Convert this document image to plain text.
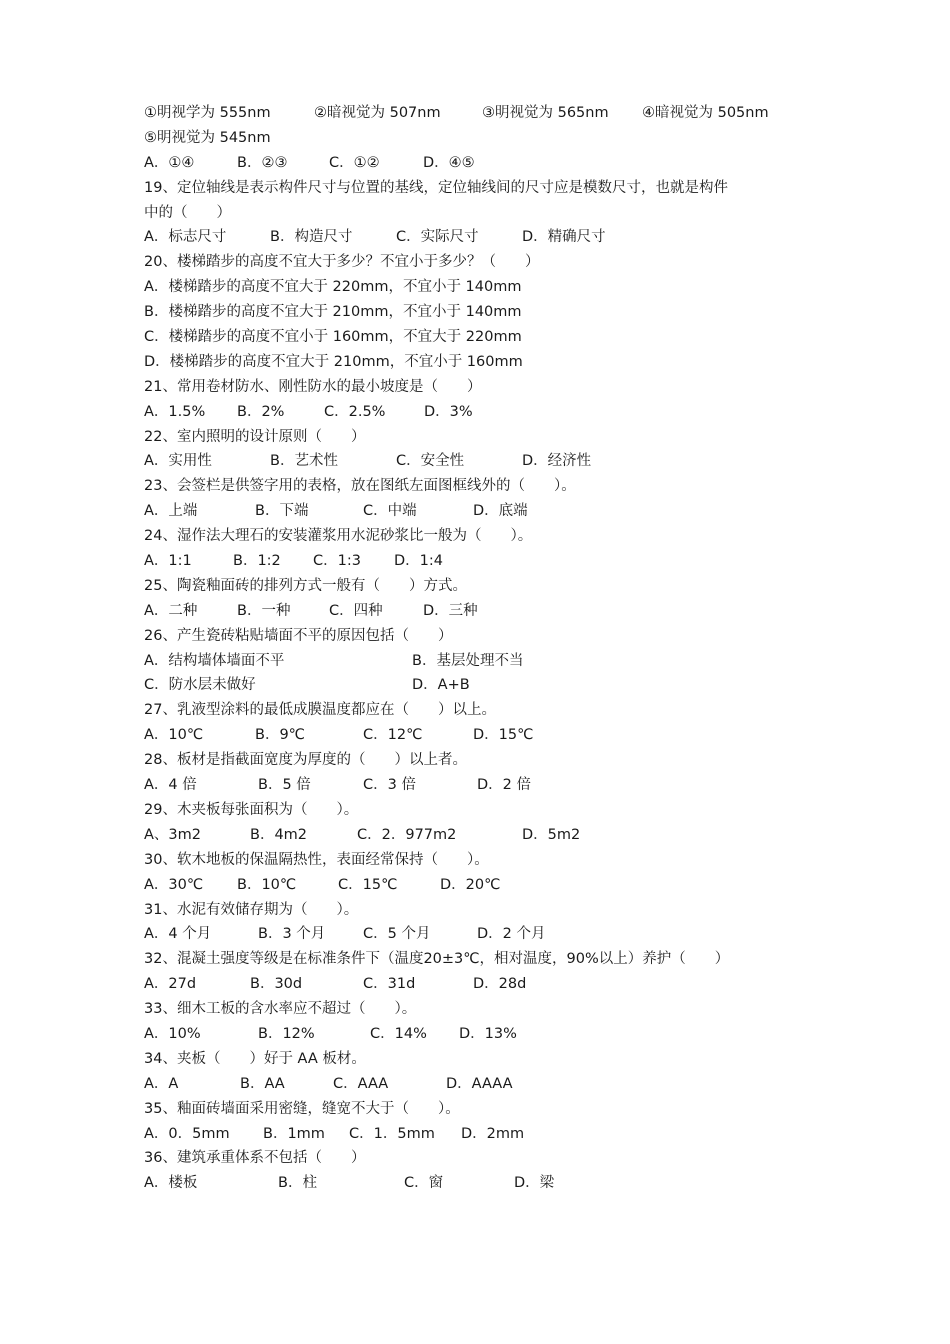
①明视学为 555nm	②暗视觉为 507nm	③明视觉为 565nm ④暗视觉为 505nm
⑤明视觉为 545nm
A．①④	B．②③	C．①②	D．④⑤
19、定位轴线是表示构件尺寸与位置的基线，定位轴线间的尺寸应是模数尺寸，也就是构件
中的（　　）
A．标志尺寸	B．构造尺寸	C．实际尺寸	D．精确尺寸
20、楼梯踏步的高度不宜大于多少？不宜小于多少？（　　）
A．楼梯踏步的高度不宜大于 220mm，不宜小于 140mm
B．楼梯踏步的高度不宜大于 210mm，不宜小于 140mm
C．楼梯踏步的高度不宜小于 160mm，不宜大于 220mm
D．楼梯踏步的高度不宜大于 210mm，不宜小于 160mm
21、常用卷材防水、刚性防水的最小坡度是（　　）
A．1.5% B．2%	C．2.5%	D．3%
22、室内照明的设计原则（　　）
A．实用性	B．艺术性	C．安全性	D．经济性
23、会签栏是供签字用的表格，放在图纸左面图框线外的（　　）。
A．上端	B．下端	C．中端	D．底端
24、湿作法大理石的安装灌浆用水泥砂浆比一般为（　　）。
A．1:1	B．1:2 C．1:3 D．1:4
25、陶瓷釉面砖的排列方式一般有（　　）方式。
A．二种	B．一种	C．四种	D．三种
26、产生瓷砖粘贴墙面不平的原因包括（　　）
A．结构墙体墙面不平	B．基层处理不当
C．防水层未做好	D．A+B
27、乳液型涂料的最低成膜温度都应在（　　）以上。
A．10℃	B．9℃	C．12℃	D．15℃
28、板材是指截面宽度为厚度的（　　）以上者。
A．4 倍	B．5 倍	C．3 倍	D．2 倍
29、木夹板每张面积为（　　）。
A、3m2	B．4m2	C．2．977m2	D．5m2
30、软木地板的保温隔热性，表面经常保持（　　）。
A．30℃ B．10℃	C．15℃	D．20℃
31、水泥有效储存期为（　　）。
A．4 个月	B．3 个月	C．5 个月	D．2 个月
32、混凝土强度等级是在标准条件下（温度20±3℃，相对温度，90%以上）养护（　　）
A．27d	B．30d	C．31d	D．28d
33、细木工板的含水率应不超过（　　）。
A．10%	B．12%	C．14% D．13%
34、夹板（　　）好于 AA 板材。
A．A	B．AA	C．AAA	D．AAAA
35、釉面砖墙面采用密缝，缝宽不大于（　　）。
A．0．5mm B．1mm C．1．5mm D．2mm
36、建筑承重体系不包括（　　）
A．楼板	B．柱	C．窗	D．梁
